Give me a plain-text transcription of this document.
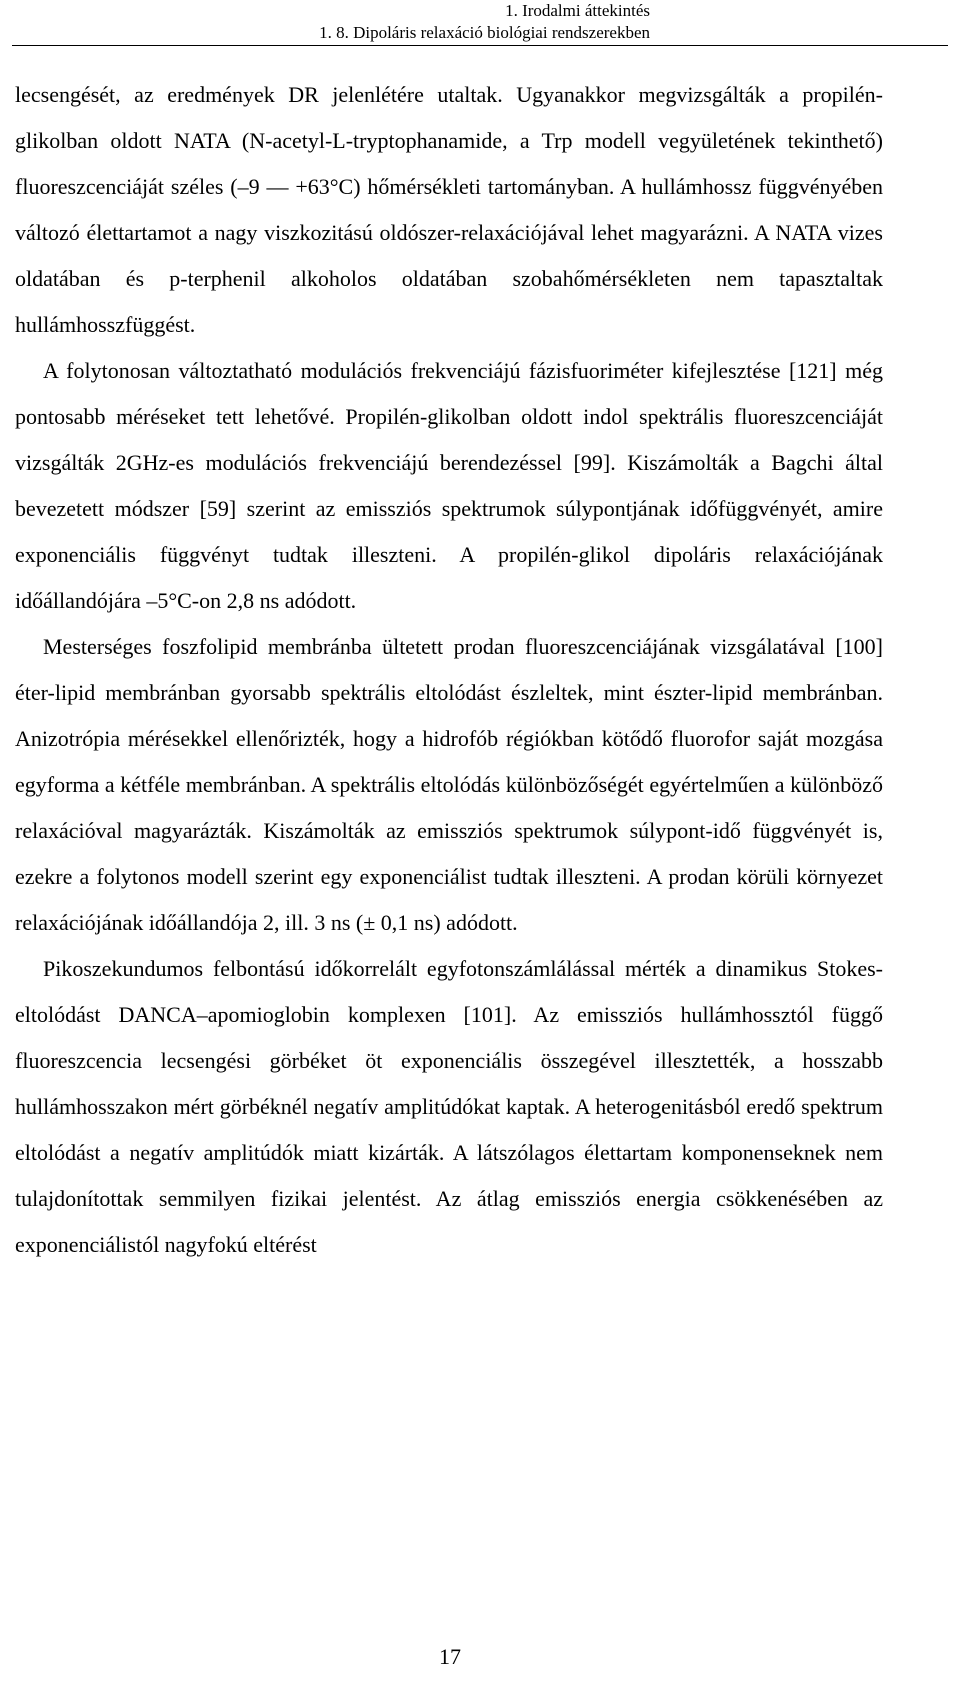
1. Irodalmi áttekintés
1. 8. Dipoláris relaxáció biológiai rendszerekben

lecsengését, az eredmények DR jelenlétére utaltak. Ugyanakkor megvizsgálták a propilén-glikolban oldott NATA (N-acetyl-L-tryptophanamide, a Trp modell vegyületének tekinthető) fluoreszcenciáját széles (–9 — +63°C) hőmérsékleti tartományban. A hullámhossz függvényében változó élettartamot a nagy viszkozitású oldószer-relaxációjával lehet magyarázni. A NATA vizes oldatában és p-terphenil alkoholos oldatában szobahőmérsékleten nem tapasztaltak hullámhosszfüggést.

A folytonosan változtatható modulációs frekvenciájú fázisfuoriméter kifejlesztése [121] még pontosabb méréseket tett lehetővé. Propilén-glikolban oldott indol spektrális fluoreszcenciáját vizsgálták 2GHz-es modulációs frekvenciájú berendezéssel [99]. Kiszámolták a Bagchi által bevezetett módszer [59] szerint az emissziós spektrumok súlypontjának időfüggvényét, amire exponenciális függvényt tudtak illeszteni. A propilén-glikol dipoláris relaxációjának időállandójára –5°C-on 2,8 ns adódott.

Mesterséges foszfolipid membránba ültetett prodan fluoreszcenciájának vizsgálatával [100] éter-lipid membránban gyorsabb spektrális eltolódást észleltek, mint észter-lipid membránban. Anizotrópia mérésekkel ellenőrizték, hogy a hidrofób régiókban kötődő fluorofor saját mozgása egyforma a kétféle membránban. A spektrális eltolódás különbözőségét egyértelműen a különböző relaxációval magyarázták. Kiszámolták az emissziós spektrumok súlypont-idő függvényét is, ezekre a folytonos modell szerint egy exponenciálist tudtak illeszteni. A prodan körüli környezet relaxációjának időállandója 2, ill. 3 ns (± 0,1 ns) adódott.

Pikoszekundumos felbontású időkorrelált egyfotonszámlálással mérték a dinamikus Stokes-eltolódást DANCA–apomioglobin komplexen [101]. Az emissziós hullámhossztól függő fluoreszcencia lecsengési görbéket öt exponenciális összegével illesztették, a hosszabb hullámhosszakon mért görbéknél negatív amplitúdókat kaptak. A heterogenitásból eredő spektrum eltolódást a negatív amplitúdók miatt kizárták. A látszólagos élettartam komponenseknek nem tulajdonítottak semmilyen fizikai jelentést. Az átlag emissziós energia csökkenésében az exponenciálistól nagyfokú eltérést

17
